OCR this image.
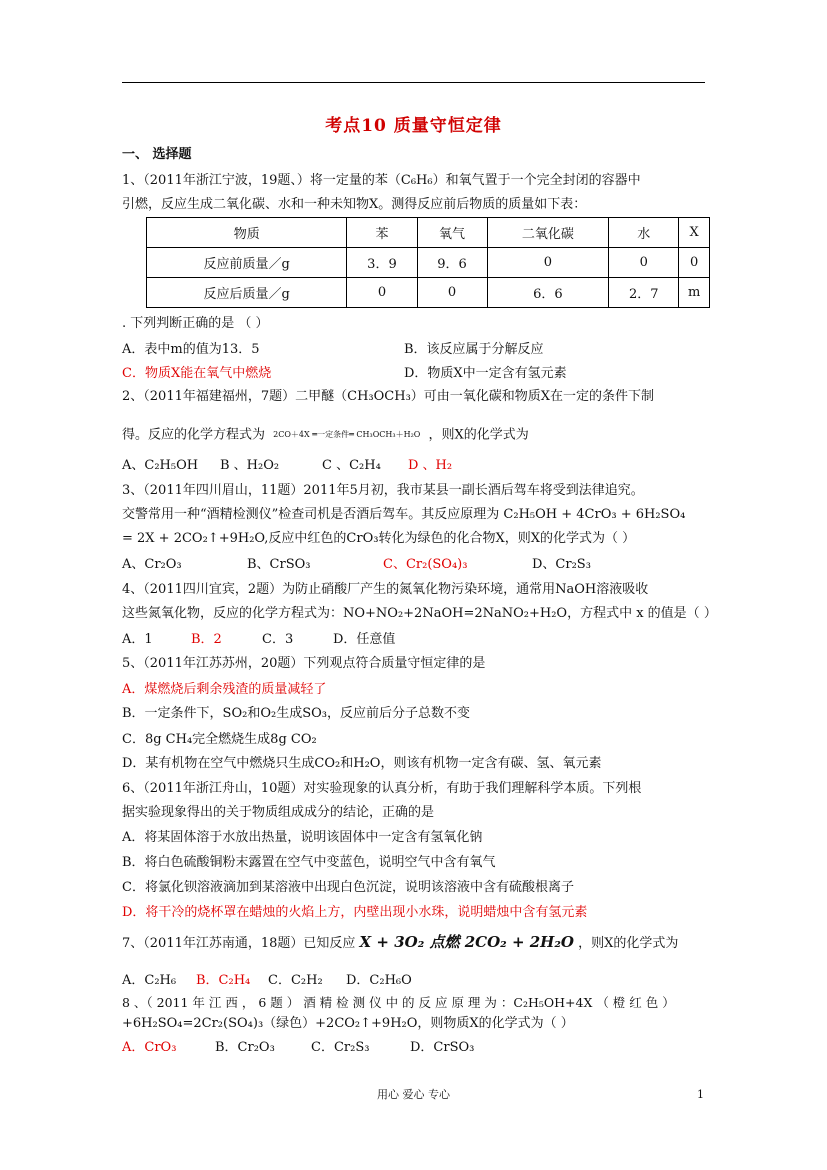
考点10 质量守恒定律
一、 选择题
1、（2011年浙江宁波，19题、）将一定量的苯（C₆H₆）和氧气置于一个完全封闭的容器中
引燃，反应生成二氧化碳、水和一种未知物X。测得反应前后物质的质量如下表：
物质	苯	氧气	二氧化碳	水	X
反应前质量／g	3．9	9．6	0	0	0
反应后质量／g	0	0	6．6	2．7	m
. 下列判断正确的是 （ ）
A．表中m的值为13．5	B．该反应属于分解反应
C．物质X能在氧气中燃烧	D．物质X中一定含有氢元素
2、（2011年福建福州，7题）二甲醚（CH₃OCH₃）可由一氧化碳和物质X在一定的条件下制
得。反应的化学方程式为 2CO＋4X ═一定条件═ CH₃OCH₃＋H₂O ，则X的化学式为
A、C₂H₅OH B 、H₂O₂	C 、C₂H₄ D 、H₂
3、（2011年四川眉山，11题）2011年5月初，我市某县一副长酒后驾车将受到法律追究。
交警常用一种“酒精检测仪”检查司机是否酒后驾车。其反应原理为 C₂H₅OH + 4CrO₃ + 6H₂SO₄
= 2X + 2CO₂↑+9H₂O,反应中红色的CrO₃转化为绿色的化合物X，则X的化学式为（ ）
A、Cr₂O₃	B、CrSO₃	C、Cr₂(SO₄)₃	D、Cr₂S₃
4、（2011四川宜宾，2题）为防止硝酸厂产生的氮氧化物污染环境，通常用NaOH溶液吸收
这些氮氧化物，反应的化学方程式为：NO+NO₂+2NaOH=2NaNO₂+H₂O，方程式中 x 的值是（ ）
A．1	B．2	C．3	D．任意值
5、（2011年江苏苏州，20题）下列观点符合质量守恒定律的是
A．煤燃烧后剩余残渣的质量减轻了
B．一定条件下，SO₂和O₂生成SO₃，反应前后分子总数不变
C．8g CH₄完全燃烧生成8g CO₂
D．某有机物在空气中燃烧只生成CO₂和H₂O，则该有机物一定含有碳、氢、氧元素
6、（2011年浙江舟山，10题）对实验现象的认真分析，有助于我们理解科学本质。下列根
据实验现象得出的关于物质组成成分的结论，正确的是
A．将某固体溶于水放出热量，说明该固体中一定含有氢氧化钠
B．将白色硫酸铜粉末露置在空气中变蓝色，说明空气中含有氧气
C．将氯化钡溶液滴加到某溶液中出现白色沉淀，说明该溶液中含有硫酸根离子
D．将干冷的烧杯罩在蜡烛的火焰上方，内壁出现小水珠，说明蜡烛中含有氢元素
7、（2011年江苏南通，18题）已知反应 X + 3O₂ 点燃 2CO₂ + 2H₂O ，则X的化学式为
A．C₂H₆ B．C₂H₄ C．C₂H₂ D．C₂H₆O
8 、（ 2011 年 江 西 ， 6 题 ） 酒 精 检 测 仪 中 的 反 应 原 理 为 ：C₂H₅OH+4X （ 橙 红 色 ）
+6H₂SO₄=2Cr₂(SO₄)₃（绿色）+2CO₂↑+9H₂O，则物质X的化学式为（ ）
A．CrO₃	B．Cr₂O₃	C．Cr₂S₃	D．CrSO₃
用心 爱心 专心	1
